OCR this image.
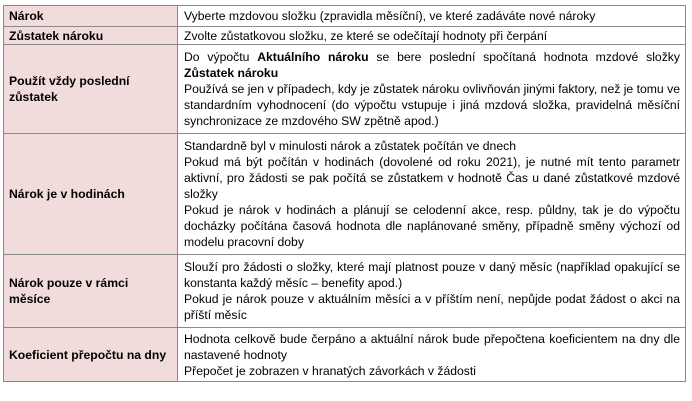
Nárok	Vyberte mzdovou složku (zpravidla měsíční), ve které zadáváte nové nároky
Zůstatek nároku	Zvolte zůstatkovou složku, ze které se odečítají hodnoty při čerpání
Použít vždy poslední zůstatek	Do výpočtu Aktuálního nároku se bere poslední spočítaná hodnota mzdové složky Zůstatek nároku
Používá se jen v případech, kdy je zůstatek nároku ovlivňován jinými faktory, než je tomu ve standardním vyhodnocení (do výpočtu vstupuje i jiná mzdová složka, pravidelná měsíční synchronizace ze mzdového SW zpětně apod.)

Nárok je v hodinách	Standardně byl v minulosti nárok a zůstatek počítán ve dnech
Pokud má být počítán v hodinách (dovolené od roku 2021), je nutné mít tento parametr aktivní, pro žádosti se pak počítá se zůstatkem v hodnotě Čas u dané zůstatkové mzdové složky
Pokud je nárok v hodinách a plánují se celodenní akce, resp. půldny, tak je do výpočtu docházky počítána časová hodnota dle naplánované směny, případně směny výchozí od modelu pracovní doby

Nárok pouze v rámci měsíce	Slouží pro žádosti o složky, které mají platnost pouze v daný měsíc (například opakující se konstanta každý měsíc – benefity apod.)
Pokud je nárok pouze v aktuálním měsíci a v příštím není, nepůjde podat žádost o akci na příští měsíc

Koeficient přepočtu na dny	Hodnota celkově bude čerpáno a aktuální nárok bude přepočtena koeficientem na dny dle nastavené hodnoty
Přepočet je zobrazen v hranatých závorkách v žádosti
